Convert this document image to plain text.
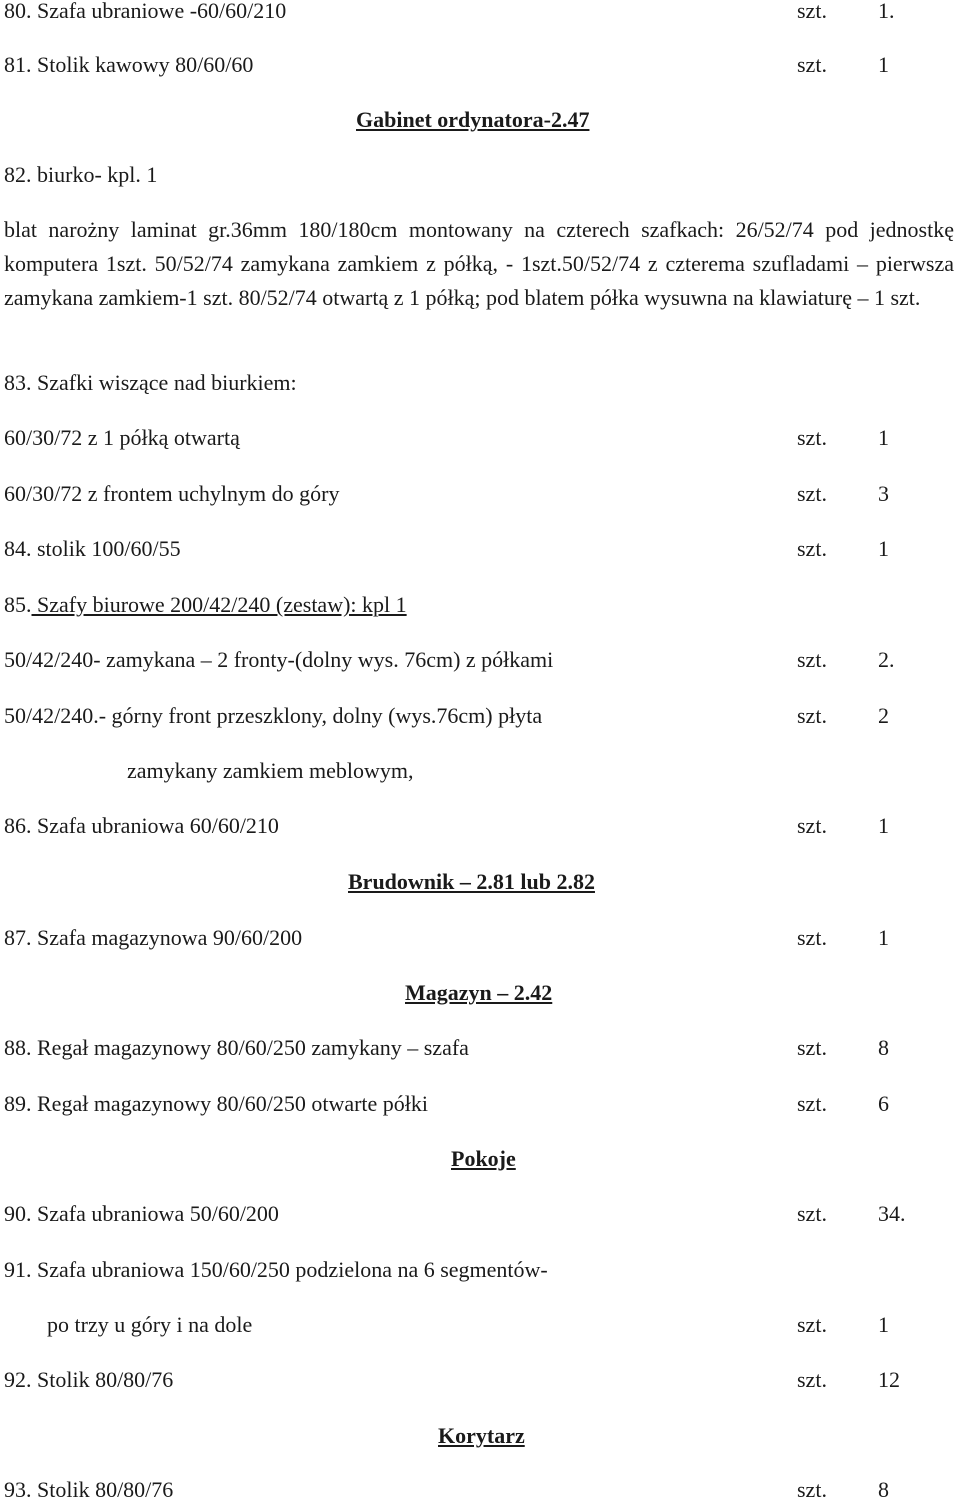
80. Szafa ubraniowe -60/60/210	szt. 1.
81. Stolik kawowy 80/60/60	szt. 1
Gabinet ordynatora-2.47
82. biurko- kpl. 1
blat narożny laminat gr.36mm 180/180cm montowany na czterech szafkach: 26/52/74 pod jednostkę komputera 1szt. 50/52/74 zamykana zamkiem z półką, - 1szt.50/52/74 z czterema szufladami – pierwsza zamykana zamkiem-1 szt. 80/52/74 otwartą z 1 półką; pod blatem półka wysuwna na klawiaturę – 1 szt.
83. Szafki wiszące nad biurkiem:
60/30/72 z 1 półką otwartą	szt. 1
60/30/72 z frontem uchylnym do góry	szt. 3
84. stolik 100/60/55	szt. 1
85. Szafy biurowe 200/42/240 (zestaw): kpl 1
50/42/240- zamykana – 2 fronty-(dolny wys. 76cm) z półkami	szt. 2.
50/42/240.- górny front przeszklony, dolny (wys.76cm) płyta	szt. 2
zamykany zamkiem meblowym,
86. Szafa ubraniowa 60/60/210	szt. 1
Brudownik – 2.81 lub 2.82
87. Szafa magazynowa 90/60/200	szt. 1
Magazyn – 2.42
88. Regał magazynowy 80/60/250 zamykany – szafa	szt. 8
89. Regał magazynowy 80/60/250 otwarte półki	szt. 6
Pokoje
90. Szafa ubraniowa 50/60/200	szt. 34.
91. Szafa ubraniowa 150/60/250 podzielona na 6 segmentów-
po trzy u góry i na dole	szt. 1
92. Stolik 80/80/76	szt. 12
Korytarz
93. Stolik 80/80/76	szt. 8
